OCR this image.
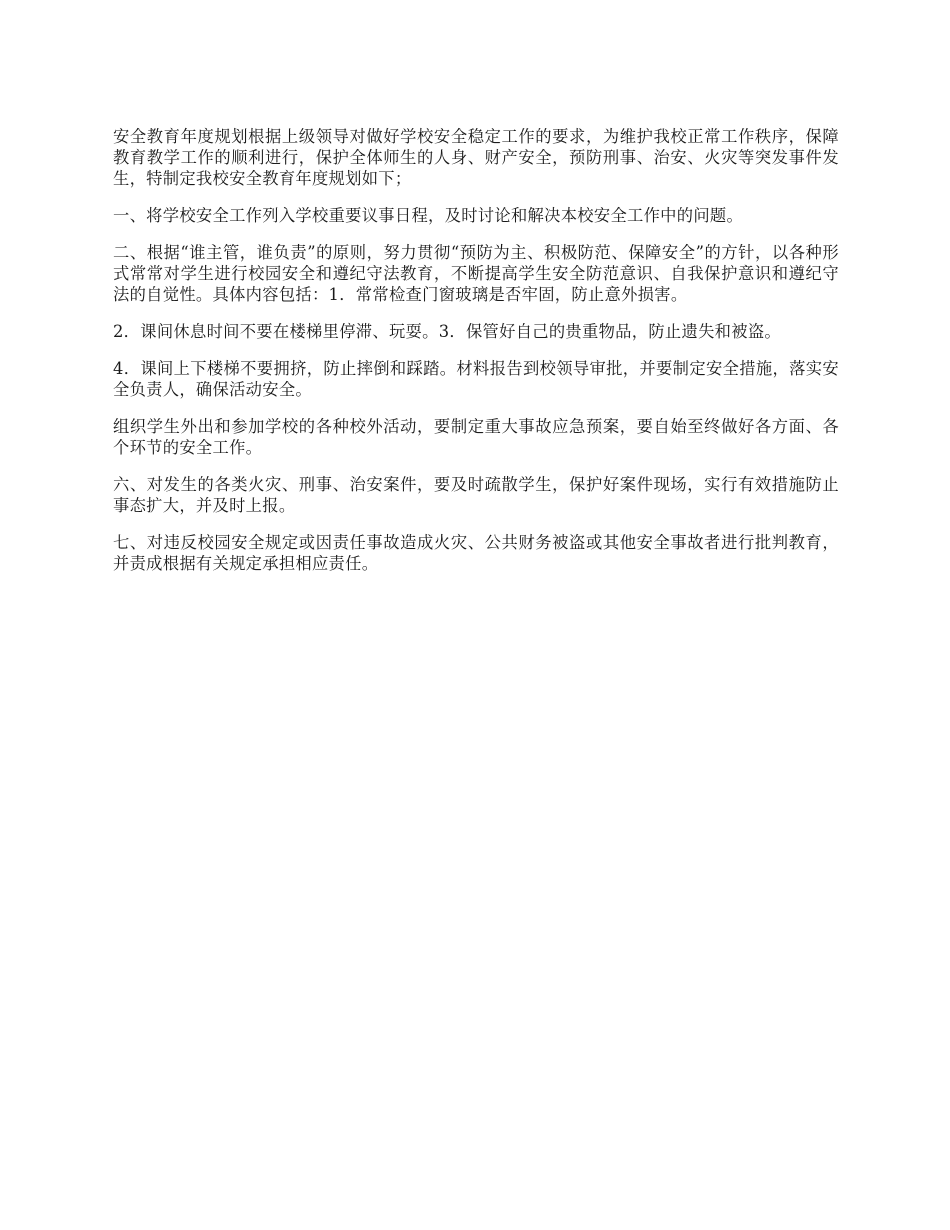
安全教育年度规划根据上级领导对做好学校安全稳定工作的要求，为维护我校正常工作秩序，保障教育教学工作的顺利进行，保护全体师生的人身、财产安全，预防刑事、治安、火灾等突发事件发生，特制定我校安全教育年度规划如下；

一、将学校安全工作列入学校重要议事日程，及时讨论和解决本校安全工作中的问题。

二、根据“谁主管，谁负责”的原则，努力贯彻“预防为主、积极防范、保障安全”的方针，以各种形式常常对学生进行校园安全和遵纪守法教育，不断提高学生安全防范意识、自我保护意识和遵纪守法的自觉性。具体内容包括：1．常常检查门窗玻璃是否牢固，防止意外损害。

2．课间休息时间不要在楼梯里停滞、玩耍。3．保管好自己的贵重物品，防止遗失和被盗。

4．课间上下楼梯不要拥挤，防止摔倒和踩踏。材料报告到校领导审批，并要制定安全措施，落实安全负责人，确保活动安全。

组织学生外出和参加学校的各种校外活动，要制定重大事故应急预案，要自始至终做好各方面、各个环节的安全工作。

六、对发生的各类火灾、刑事、治安案件，要及时疏散学生，保护好案件现场，实行有效措施防止事态扩大，并及时上报。

七、对违反校园安全规定或因责任事故造成火灾、公共财务被盗或其他安全事故者进行批判教育，并责成根据有关规定承担相应责任。
